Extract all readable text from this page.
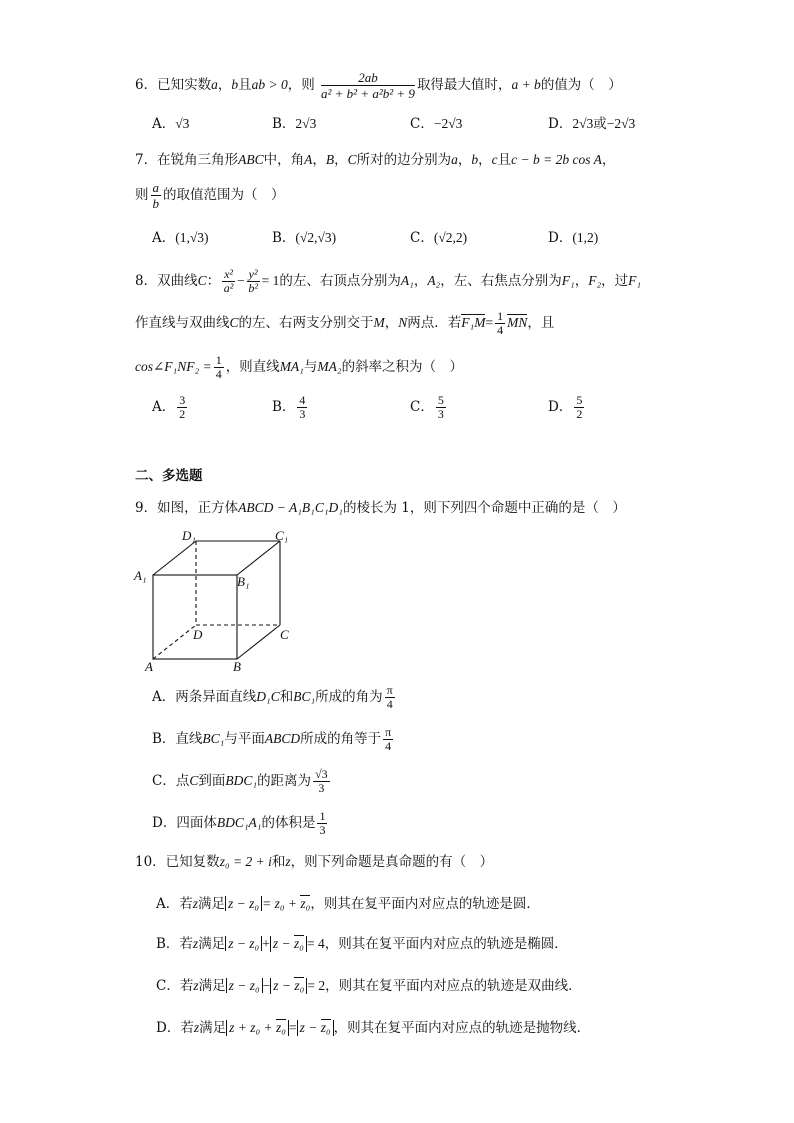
6．已知实数a，b且ab > 0，则 $\frac{2ab}{\text{a² + b² + a²b² + 9}}$ 取得最大值时，a + b的值为（　）
A．√3	B．2√3	C．−2√3	D．2√3或−2√3
7．在锐角三角形ABC中，角A，B，C所对的边分别为a，b，c且c − b = 2b cos A，
则 $\frac{a}{b}$ 的取值范围为（　）
A．(1,√3)	B．(√2,√3)	C．(√2,2)	D．(1,2)
8．双曲线C： $\frac{\text{x²}}{\text{a²}} - \frac{\text{y²}}{\text{b²}} = 1$的左、右顶点分别为A₁，A₂，左、右焦点分别为F₁，F₂，过F₁
作直线与双曲线C的左、右两支分别交于M，N两点．若$F_1M= \frac{1}{4}$ MN，且
cos∠F₁NF₂ = $\frac{1}{4}$ ，则直线MA₁与MA₂的斜率之积为（　）
A． $\frac{3}{2}$	B． $\frac{4}{3}$	C． $\frac{5}{3}$	D． $\frac{5}{2}$
二、多选题
9．如图，正方体ABCD − A₁B₁C₁D₁的棱长为 1，则下列四个命题中正确的是（　）
D₁	C₁
A₁	B₁
D	C
A	B
A．两条异面直线D₁C和BC₁所成的角为 $\frac{\pi}{4}$
B．直线BC₁与平面ABCD所成的角等于 $\frac{\pi}{4}$
C．点C到面BDC₁的距离为 $\frac{√3}{3}$
D．四面体BDC₁A₁的体积是 $\frac{1}{3}$
10．已知复数z₀ = 2 + i和z，则下列命题是真命题的有（　）
A．若z满足 z − z₀ = z₀ + z₀，则其在复平面内对应点的轨迹是圆．
B．若z满足 z − z₀ + z − z₀ = 4，则其在复平面内对应点的轨迹是椭圆．
C．若z满足 z − z₀ − z − z₀ = 2，则其在复平面内对应点的轨迹是双曲线．
D．若z满足 z + z₀ + z₀ = z − z₀ ，则其在复平面内对应点的轨迹是抛物线．
